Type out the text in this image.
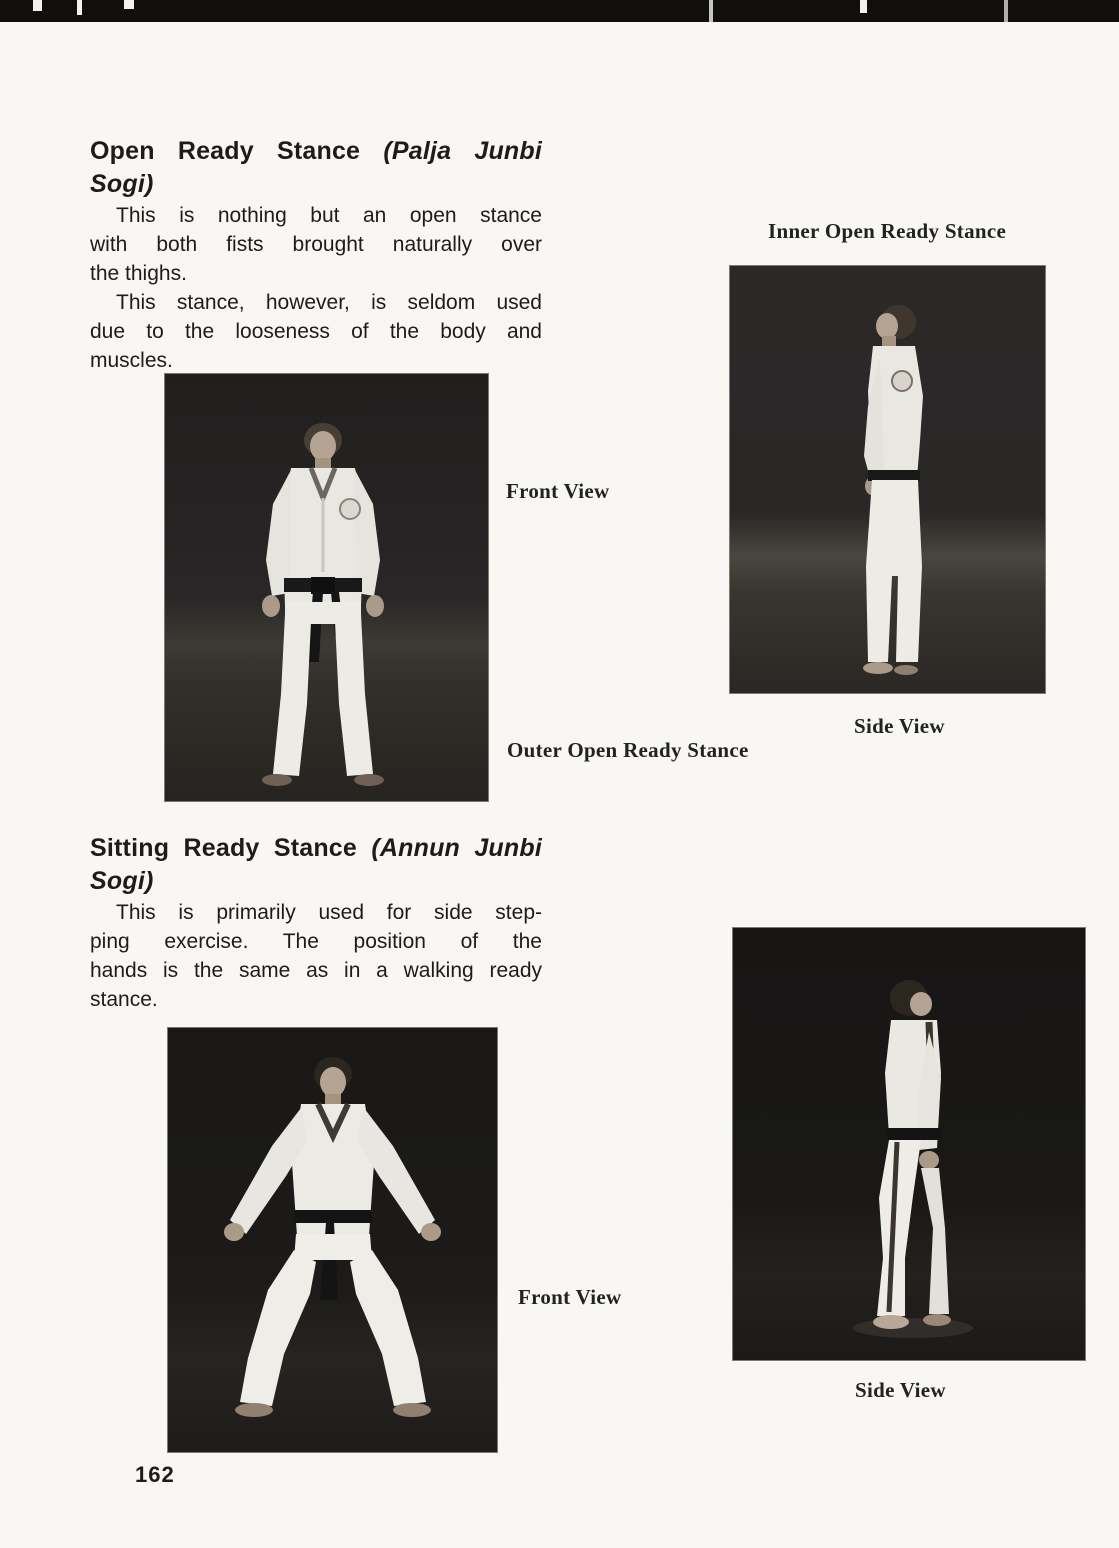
Open Ready Stance (Palja Junbi Sogi)
This is nothing but an open stance
with both fists brought naturally over
the thighs.
This stance, however, is seldom used
due to the looseness of the body and
muscles.
Inner Open Ready Stance
Front View
Side View
Outer Open Ready Stance
Sitting Ready Stance (Annun Junbi Sogi)
This is primarily used for side step-
ping exercise. The position of the
hands is the same as in a walking ready
stance.
Front View
Side View
162
